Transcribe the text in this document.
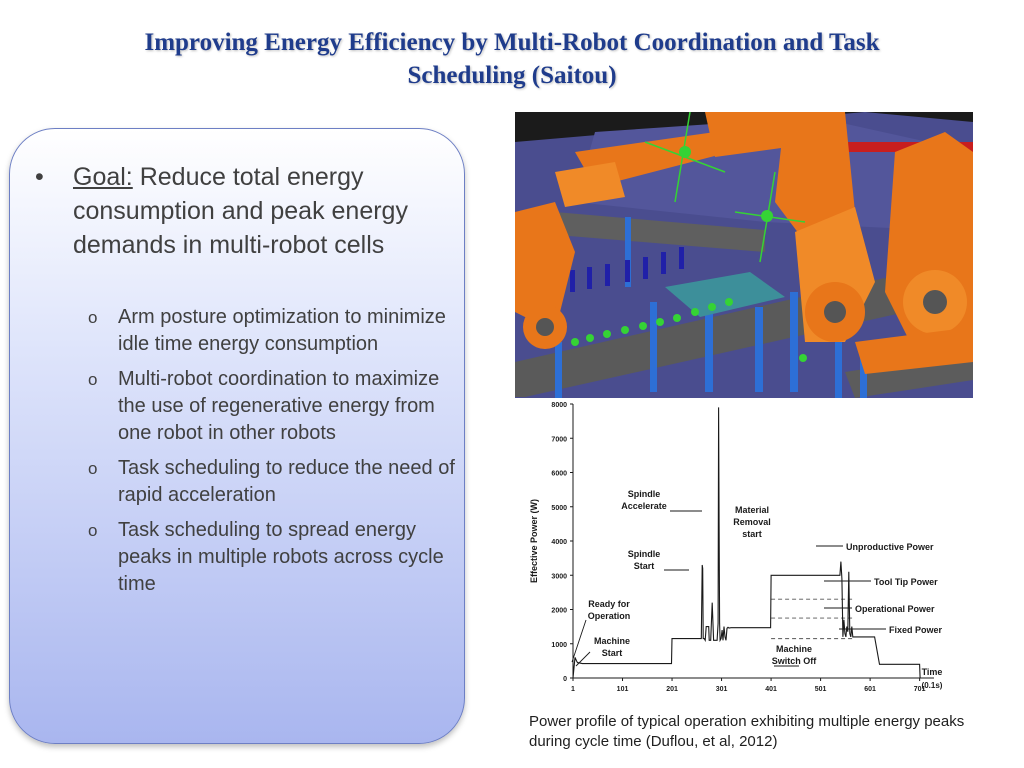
Improving Energy Efficiency by Multi-Robot Coordination and Task
Scheduling (Saitou)
• Goal: Reduce total energy consumption and peak energy demands in multi-robot cells
o Arm posture optimization to minimize idle time energy consumption
o Multi-robot coordination to maximize the use of regenerative energy from one robot in other robots
o Task scheduling to reduce the need of rapid acceleration
o Task scheduling to spread energy peaks in multiple robots across cycle time
Effective Power (W)
Time
(0.1s)
0
1000
2000
3000
4000
5000
6000
7000
8000
1	101	201	301	401	501	601	701
Spindle
Accelerate	Material
Removal
start
Spindle
Start
Unproductive Power
Tool Tip Power
Ready for
Operation
Operational Power
Fixed Power
Machine
Start	Machine
Switch Off
Power profile of typical operation exhibiting multiple energy peaks during cycle time (Duflou, et al, 2012)
